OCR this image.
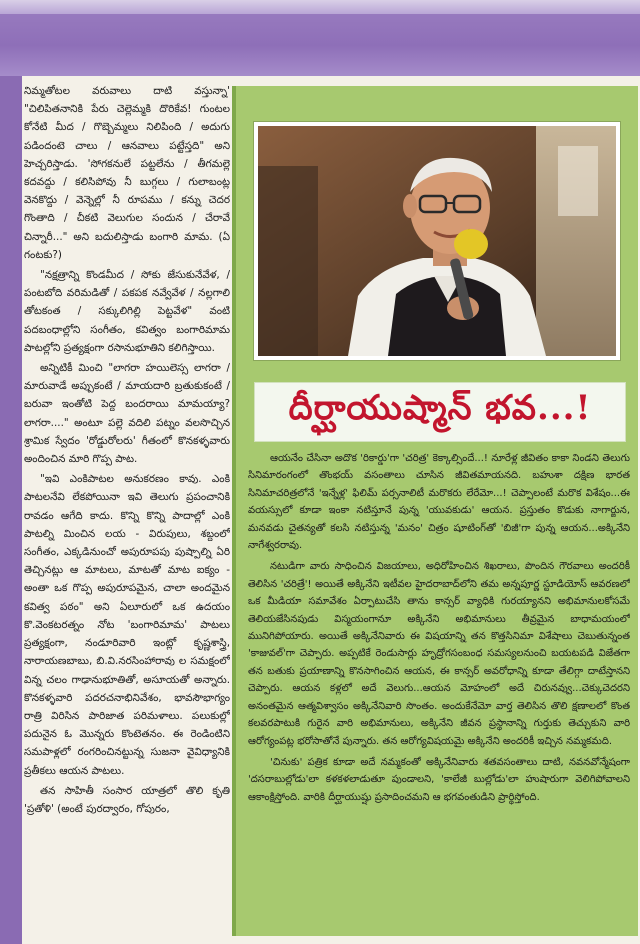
నిమ్మతోటల వరువాలు దాటి వస్తున్నా' "చిలిపితనానికి పేరు చెల్లెమ్మకి దొరికేవ! గుంటల కోనేటి మీద / గొబ్బెమ్మలు నిలిపింది / అదుగు పడిందంటె చాలు / ఆనవాలు పట్టేస్తది" అని హెచ్చరిస్తాడు. 'సోగకనులే పట్టలేను / తీగమల్లె కదవద్దు / కలిసిపోవు నీ బుగ్గలు / గులాబంట్ల వెనకొద్దు / వెన్నెల్లో నీ రూపము / కన్ను చెదర గొంతాది / చీకటి వెలుగుల సందున / చేరావే చిన్నారీ..." అని బదులిస్తాడు బంగారి మామ. (ఏ గంటకు?)

"నక్షత్రాన్ని కొండమీద / సోకు జేసుకునేవేళ, / పంటబోది వరిమడితో / పకపక నవ్వేవేళ / నల్లగాలి తోటకంత / సక్కులిగిల్లి పెట్టవేళ" వంటి పదబంధాల్లోని సంగీతం, కవిత్వం బంగారిమామ పాటల్లోని ప్రత్యక్షంగా రసానుభూతిని కలిగిస్తాయి.

అన్నిటికీ మించి "లాగరా హయిలెస్స లాగరా / మారువాడే అప్పుకంటే / మాయదారి బ్రతుకుకంటే / బరువా ఇంతోటి పెద్ద బందరాయి మామయ్యా? లాగరా...." అంటూ పల్లె వదిలి పట్నం వలసొచ్చిన శ్రామిక స్వేదం 'రోడ్డురోలరు' గీతంలో కొనకళ్ళవారు అందించిన మారి గొప్ప పాట.

"ఇవి ఎంకిపాటల అనుకరణం కావు. ఎంకి పాటలనేవి లేకపోయినా ఇవి తెలుగు ప్రపంచానికి రావడం ఆగేది కాదు. కొన్ని కొన్ని పాదాల్లో ఎంకి పాటల్ని మించిన లయ - విరుపులు, శబ్దంలో సంగీతం, ఎక్కడినుంచో అపురూపపు పుష్పాల్ని ఏరి తెచ్చినట్లు ఆ మాటలు, మాటతో మాట ఐక్యం - అంతా ఒక గొప్ప అపురూపమైన, చాలా అందమైన కవిత్వ పఠం" అని ఏలూరులో ఒక ఉదయం కొ.వెంకటరత్నం నోట 'బంగారిమామ' పాటలు ప్రత్యక్షంగా, నండూరివారి ఇంట్లో కృష్ణశాస్త్రి, నారాయణబాబు, బి.వి.నరసింహారావు ల సమక్షంలో విన్న చలం గాఢానుభూతితో, అసూయతో అన్నారు. కొనకళ్ళవారి పదరచనాభినివేశం, భావసౌభాగ్యం రాత్రి విరిసిన పారిజాత పరిమళాలు. పలుకుల్లో పదునైన ఓ మొన్నరు కొంటెతనం. ఈ రెండింటిని సమపాళ్లలో రంగరించినట్టున్న సుజనా వైవిధ్యానికి ప్రతీకలు ఆయన పాటలు.

తన సాహితీ సంసార యాత్రలో తొలి కృతి 'ప్రతోళి' (అంటే పురద్వారం, గోపురం,

దీర్ఘాయుష్మాన్ భవ...!

ఆయనేం చేసినా అదొక 'రికార్డు'గా 'చరిత్ర' కెక్కాల్సిందే...! నూరేళ్ల జీవితం కాకా నిండని తెలుగు సినిమారంగంలో తొంభయ్ వసంతాలు చూసిన జీవితమాయనది. బహుశా దక్షిణ భారత సినిమాచరిత్రలోనే 'ఇన్నేళ్ల' ఫిలిమ్ పర్సనాలిటీ మరొకరు లేరేమో...! చెప్పాలంటే మరొక విశేషం...ఈ వయస్సులో కూడా ఇంకా నటిస్తూనే పున్న 'యువకుడు' ఆయన. ప్రస్తుతం కొడుకు నాగార్జున, మనవడు చైతన్యతో కలసి నటిస్తున్న 'మనం' చిత్రం షూటింగ్‌తో 'బిజీ'గా పున్న ఆయన...అక్కినేని నాగేశ్వరరావు.

నటుడిగా వారు సాధించిన విజయాలు, అధిరోహించిన శిఖరాలు, పొందిన గౌరవాలు అందరికీ తెలిసిన 'చరిత్రే'! అయితే అక్కినేని ఇటీవల హైదరాబాద్‌లోని తమ అన్నపూర్ణ స్టూడియోస్ ఆవరణలో ఒక మీడియా సమావేశం ఏర్పాటుచేసి తాను కాన్సర్ వ్యాధికి గురయ్యానని అభిమానులకోసమే తెలియజేసినపుడు విస్మయంగానూ అక్కినేని అభిమానులు తీవ్రమైన బాధామయంలో మునిగిపోయారు. అయితే అక్కినేనివారు ఈ విషయాన్ని తన కొత్తసినిమా విశేషాలు చెబుతున్నంత 'కాజువల్'గా చెప్పారు. అప్పటికే రెండుసార్లు హృద్రోగసంబంధ సమస్యలనుంచి బయటపడి విజేతగా తన బతుకు ప్రయాణాన్ని కొనసాగించిన ఆయన, ఈ కాన్సర్ అవరోధాన్ని కూడా తేలిగ్గా దాటేస్తానని చెప్పారు. ఆయన కళ్లలో అదే వెలుగు...ఆయన మోహంలో అదే చిరునవ్వు...చెక్కుచెదరని అనంతమైన ఆత్మవిశ్వాసం అక్కినేనివారి సొంతం. అందుకేనేమో వార్త తెలిసిన తొలి క్షణాలలో కొంత కలవరపాటుకి గురైన వారి అభిమానులు, అక్కినేని జీవన ప్రస్థానాన్ని గుర్తుకు తెచ్చుకుని వారి ఆరోగ్యంపట్ల భరోసాతోనే పున్నారు. తన ఆరోగ్యవిషయమై అక్కినేని అందరికీ ఇచ్చిన నమ్మకమది.

'చినుకు' పత్రిక కూడా అదే నమ్మకంతో అక్కినేనివారు శతవసంతాలు దాటి, నవనవోన్మేషంగా 'దసరాబుల్లోడు'లా కళకళలాడుతూ పుండాలని, 'కాలేజీ బుల్లోడు'లా హుషారుగా వెలిగిపోవాలని ఆకాంక్షిస్తోంది. వారికి దీర్ఘాయుష్షు ప్రసాదించమని ఆ భగవంతుడిని ప్రార్థిస్తోంది.
